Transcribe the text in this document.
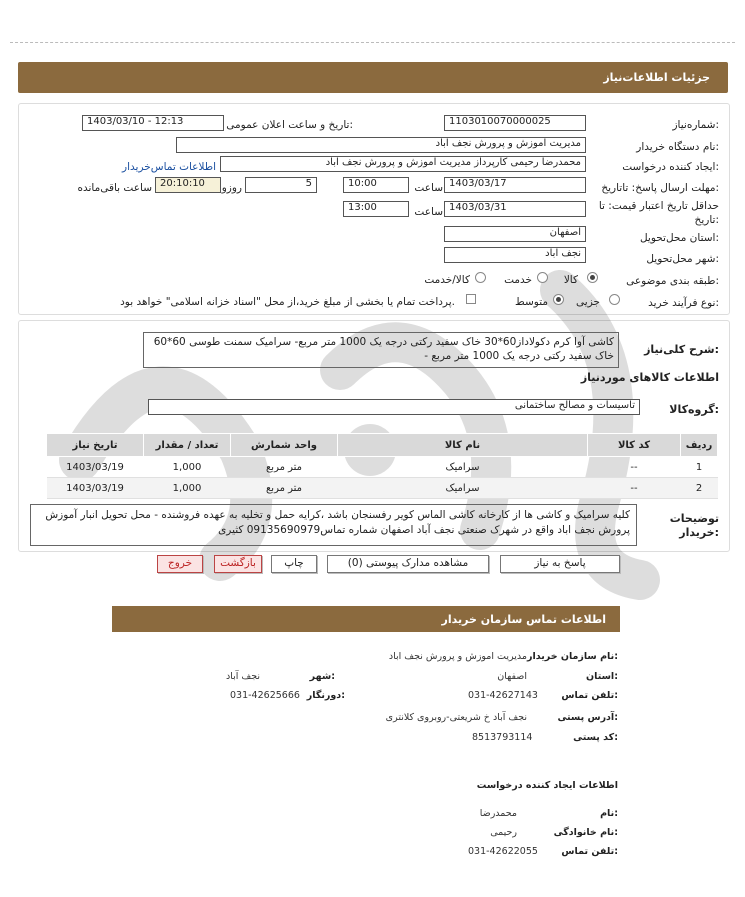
جزئیات اطلاعات‌نیاز
شماره‌نیاز:
1103010070000025
تاریخ و ساعت اعلان عمومی:
1403/03/10 - 12:13
نام دستگاه خریدار:
مدیریت اموزش و پرورش نجف اباد
ایجاد کننده درخواست:
محمدرضا رحیمی کارپرداز مدیریت اموزش و پرورش نجف اباد
اطلاعات تماس‌خریدار
مهلت ارسال پاسخ: تاتاریخ:
1403/03/17
ساعت
10:00
5
روزو
20:10:10
ساعت باقی‌مانده
حداقل تاریخ اعتبار قیمت: تا
تاریخ:
1403/03/31
ساعت
13:00
استان محل‌تحویل:
اصفهان
شهر محل‌تحویل:
نجف اباد
طبقه بندی موضوعی:
کالا
خدمت
کالا/خدمت
نوع فرآیند خرید:
جزیی
متوسط
پرداخت تمام یا بخشی از مبلغ خرید،از محل "اسناد خزانه اسلامی" خواهد بود.
شرح کلی‌نیاز:
کاشی آوا کرم دکولاداز60*30 خاک سفید رکتی درجه یک 1000 متر مربع- سرامیک سمنت طوسی 60*60 خاک سفید رکتی درجه یک 1000 متر مربع -
اطلاعات کالاهای موردنیاز
گروه‌کالا:
تاسیسات و مصالح ساختمانی
ردیف	کد کالا	نام کالا	واحد شمارش	تعداد / مقدار	تاریخ نیاز
1	--	سرامیک	متر مربع	1,000	1403/03/19
2	--	سرامیک	متر مربع	1,000	1403/03/19
توضیحات خریدار:
کلیه سرامیک و کاشی ها از کارخانه کاشی الماس کویر رفسنجان باشد ،کرایه حمل و تخلیه به عهده فروشنده - محل تحویل انبار آموزش پرورش نجف اباد واقع در شهرک صنعتی نجف آباد اصفهان شماره تماس09135690979 کثیری
پاسخ به نیاز
مشاهده مدارک پیوستی (0)
چاپ
بازگشت
خروج
اطلاعات تماس سازمان خریدار
نام سازمان خریدار:
مدیریت اموزش و پرورش نجف اباد
استان:
اصفهان
شهر:
نجف آباد
تلفن تماس:
031-42627143
دورنگار:
031-42625666
آدرس پستی:
نجف آباد خ شریعتی-روبروی کلانتری
کد پستی:
8513793114
اطلاعات ایجاد کننده درخواست
نام:
محمدرضا
نام خانوادگی:
رحیمی
تلفن تماس:
031-42622055
